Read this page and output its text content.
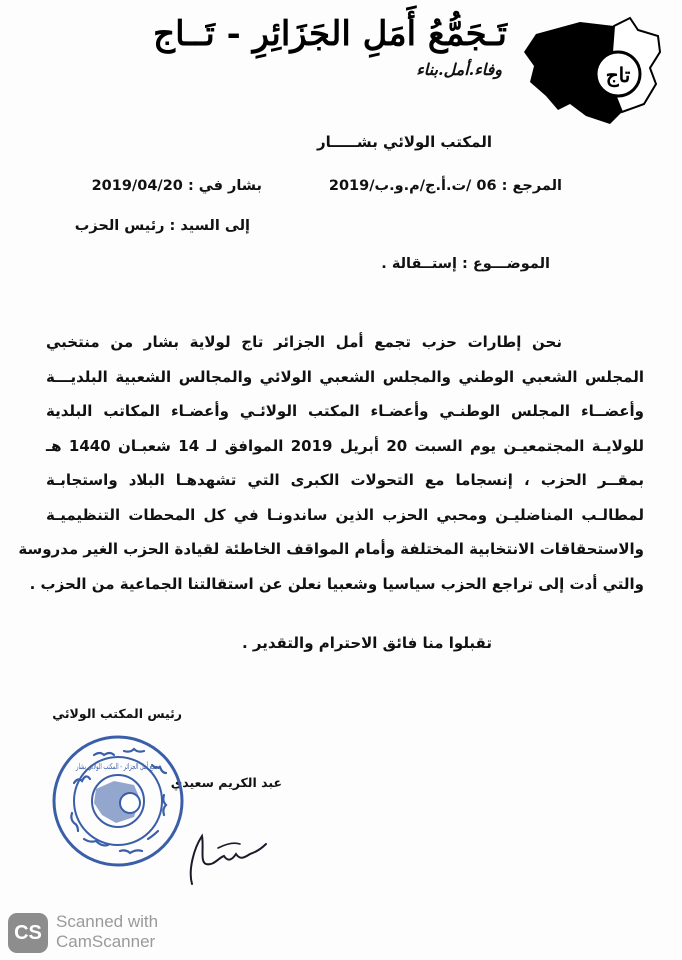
تاج
تَـجَمُّعُ أَمَلِ الجَزَائِرِ - تَــاج
وفاء.أمل.بناء
المكتب الولائي بشـــــار
المرجع : 06 /ت.أ.ج/م.و.ب/2019
بشار في : 2019/04/20
إلى السيد : رئيس الحزب
الموضـــوع : إستــقالة .

نحن إطارات حزب تجمع أمل الجزائر تاج لولاية بشار من منتخبي

المجلس الشعبي الوطني والمجلس الشعبي الولائي والمجالس الشعبية البلديـــة

وأعضــاء المجلس الوطنـي وأعضـاء المكتب الولائـي وأعضـاء المكاتب البلدية

للولايـة المجتمعيـن يوم السبت 20 أبريل 2019 الموافق لـ 14 شعبـان 1440 هـ

بمقــر الحزب ، إنسجاما مع التحولات الكبرى التي تشهدهـا البلاد واستجابـة

لمطالـب المناضليـن ومحبي الحزب الذين ساندونـا في كل المحطات التنظيميـة

والاستحقاقات الانتخابية المختلفة وأمام المواقف الخاطئة لقيادة الحزب الغير مدروسة

والتي أدت إلى تراجع الحزب سياسيا وشعبيا نعلن عن استقالتنا الجماعية من الحزب .

تقبلوا منا فائق الاحترام والتقدير .
رئيس المكتب الولائي
عبد الكريم سعيدي
تجمع أمل الجزائر - المكتب الولائي بشار
CS Scanned with
CamScanner
